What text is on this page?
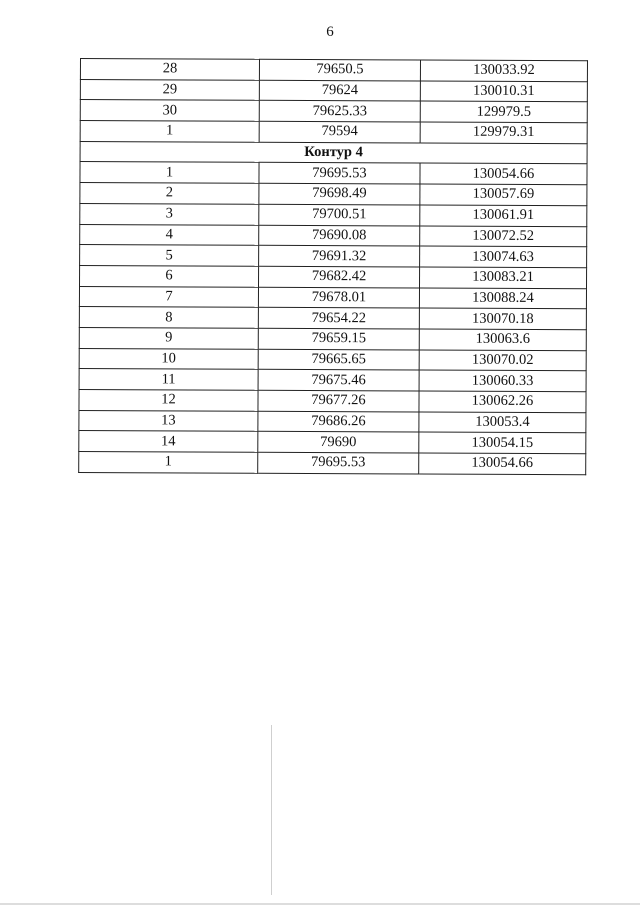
6
28	79650.5	130033.92
29	79624	130010.31
30	79625.33	129979.5
1	79594	129979.31
Контур 4		
1	79695.53	130054.66
2	79698.49	130057.69
3	79700.51	130061.91
4	79690.08	130072.52
5	79691.32	130074.63
6	79682.42	130083.21
7	79678.01	130088.24
8	79654.22	130070.18
9	79659.15	130063.6
10	79665.65	130070.02
11	79675.46	130060.33
12	79677.26	130062.26
13	79686.26	130053.4
14	79690	130054.15
1	79695.53	130054.66
